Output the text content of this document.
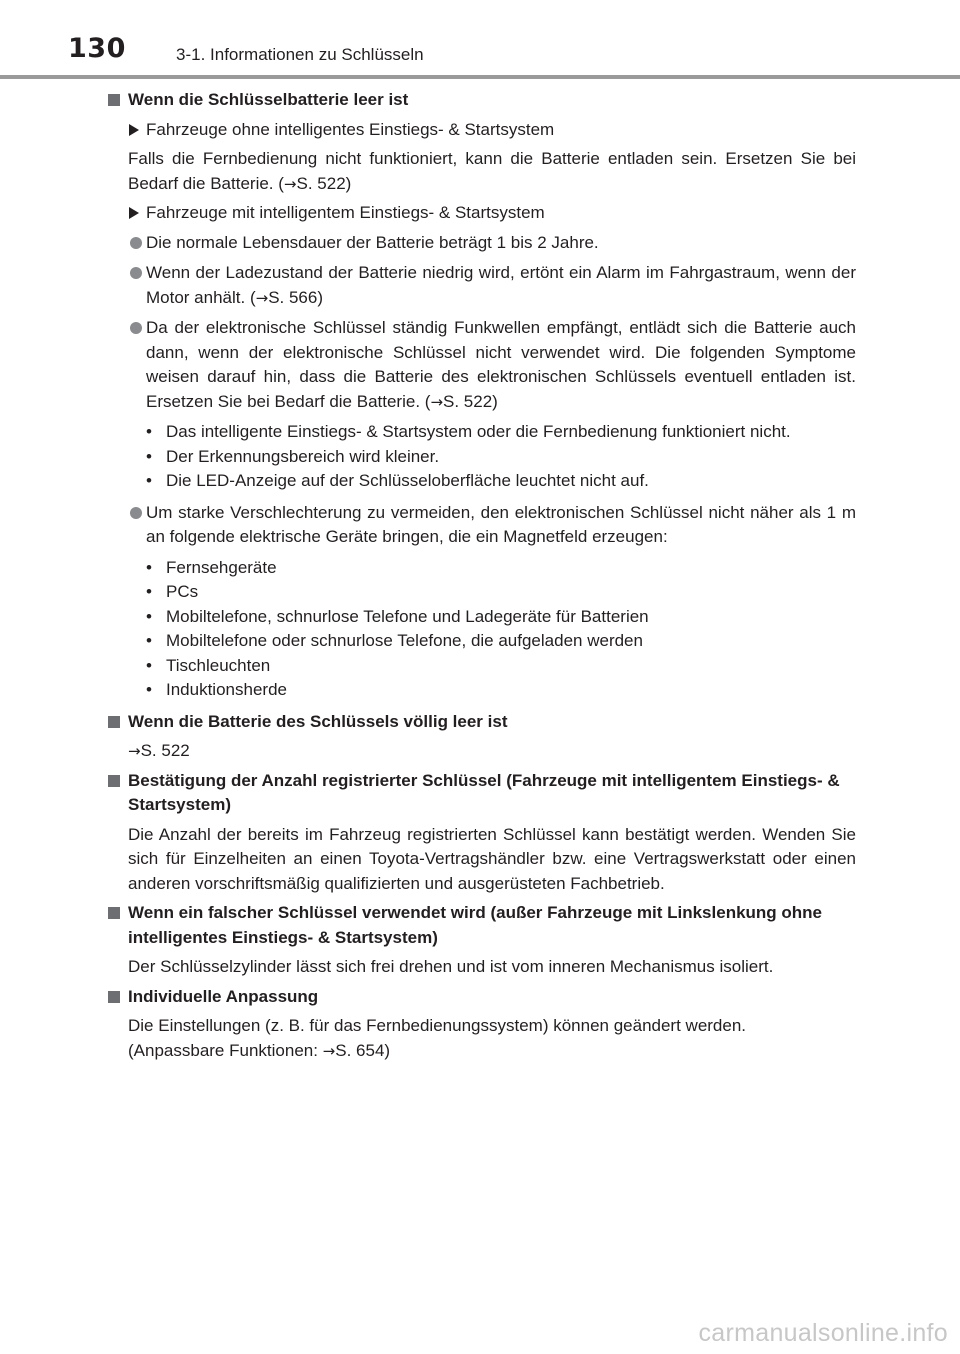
130	3-1. Informationen zu Schlüsseln
Wenn die Schlüsselbatterie leer ist
Fahrzeuge ohne intelligentes Einstiegs- & Startsystem
Falls die Fernbedienung nicht funktioniert, kann die Batterie entladen sein. Ersetzen Sie bei Bedarf die Batterie. (→S. 522)
Fahrzeuge mit intelligentem Einstiegs- & Startsystem
Die normale Lebensdauer der Batterie beträgt 1 bis 2 Jahre.
Wenn der Ladezustand der Batterie niedrig wird, ertönt ein Alarm im Fahrgastraum, wenn der Motor anhält. (→S. 566)
Da der elektronische Schlüssel ständig Funkwellen empfängt, entlädt sich die Batterie auch dann, wenn der elektronische Schlüssel nicht verwendet wird. Die folgenden Symptome weisen darauf hin, dass die Batterie des elektronischen Schlüssels eventuell entladen ist. Ersetzen Sie bei Bedarf die Batterie. (→S. 522)
• Das intelligente Einstiegs- & Startsystem oder die Fernbedienung funktioniert nicht.
• Der Erkennungsbereich wird kleiner.
• Die LED-Anzeige auf der Schlüsseloberfläche leuchtet nicht auf.
Um starke Verschlechterung zu vermeiden, den elektronischen Schlüssel nicht näher als 1 m an folgende elektrische Geräte bringen, die ein Magnetfeld erzeugen:
• Fernsehgeräte
• PCs
• Mobiltelefone, schnurlose Telefone und Ladegeräte für Batterien
• Mobiltelefone oder schnurlose Telefone, die aufgeladen werden
• Tischleuchten
• Induktionsherde
Wenn die Batterie des Schlüssels völlig leer ist
→S. 522
Bestätigung der Anzahl registrierter Schlüssel (Fahrzeuge mit intelligentem Einstiegs- & Startsystem)
Die Anzahl der bereits im Fahrzeug registrierten Schlüssel kann bestätigt werden. Wenden Sie sich für Einzelheiten an einen Toyota-Vertragshändler bzw. eine Vertragswerkstatt oder einen anderen vorschriftsmäßig qualifizierten und ausgerüsteten Fachbetrieb.
Wenn ein falscher Schlüssel verwendet wird (außer Fahrzeuge mit Linkslenkung ohne intelligentes Einstiegs- & Startsystem)
Der Schlüsselzylinder lässt sich frei drehen und ist vom inneren Mechanismus isoliert.
Individuelle Anpassung
Die Einstellungen (z. B. für das Fernbedienungssystem) können geändert werden.
(Anpassbare Funktionen: →S. 654)
carmanualsonline.info
